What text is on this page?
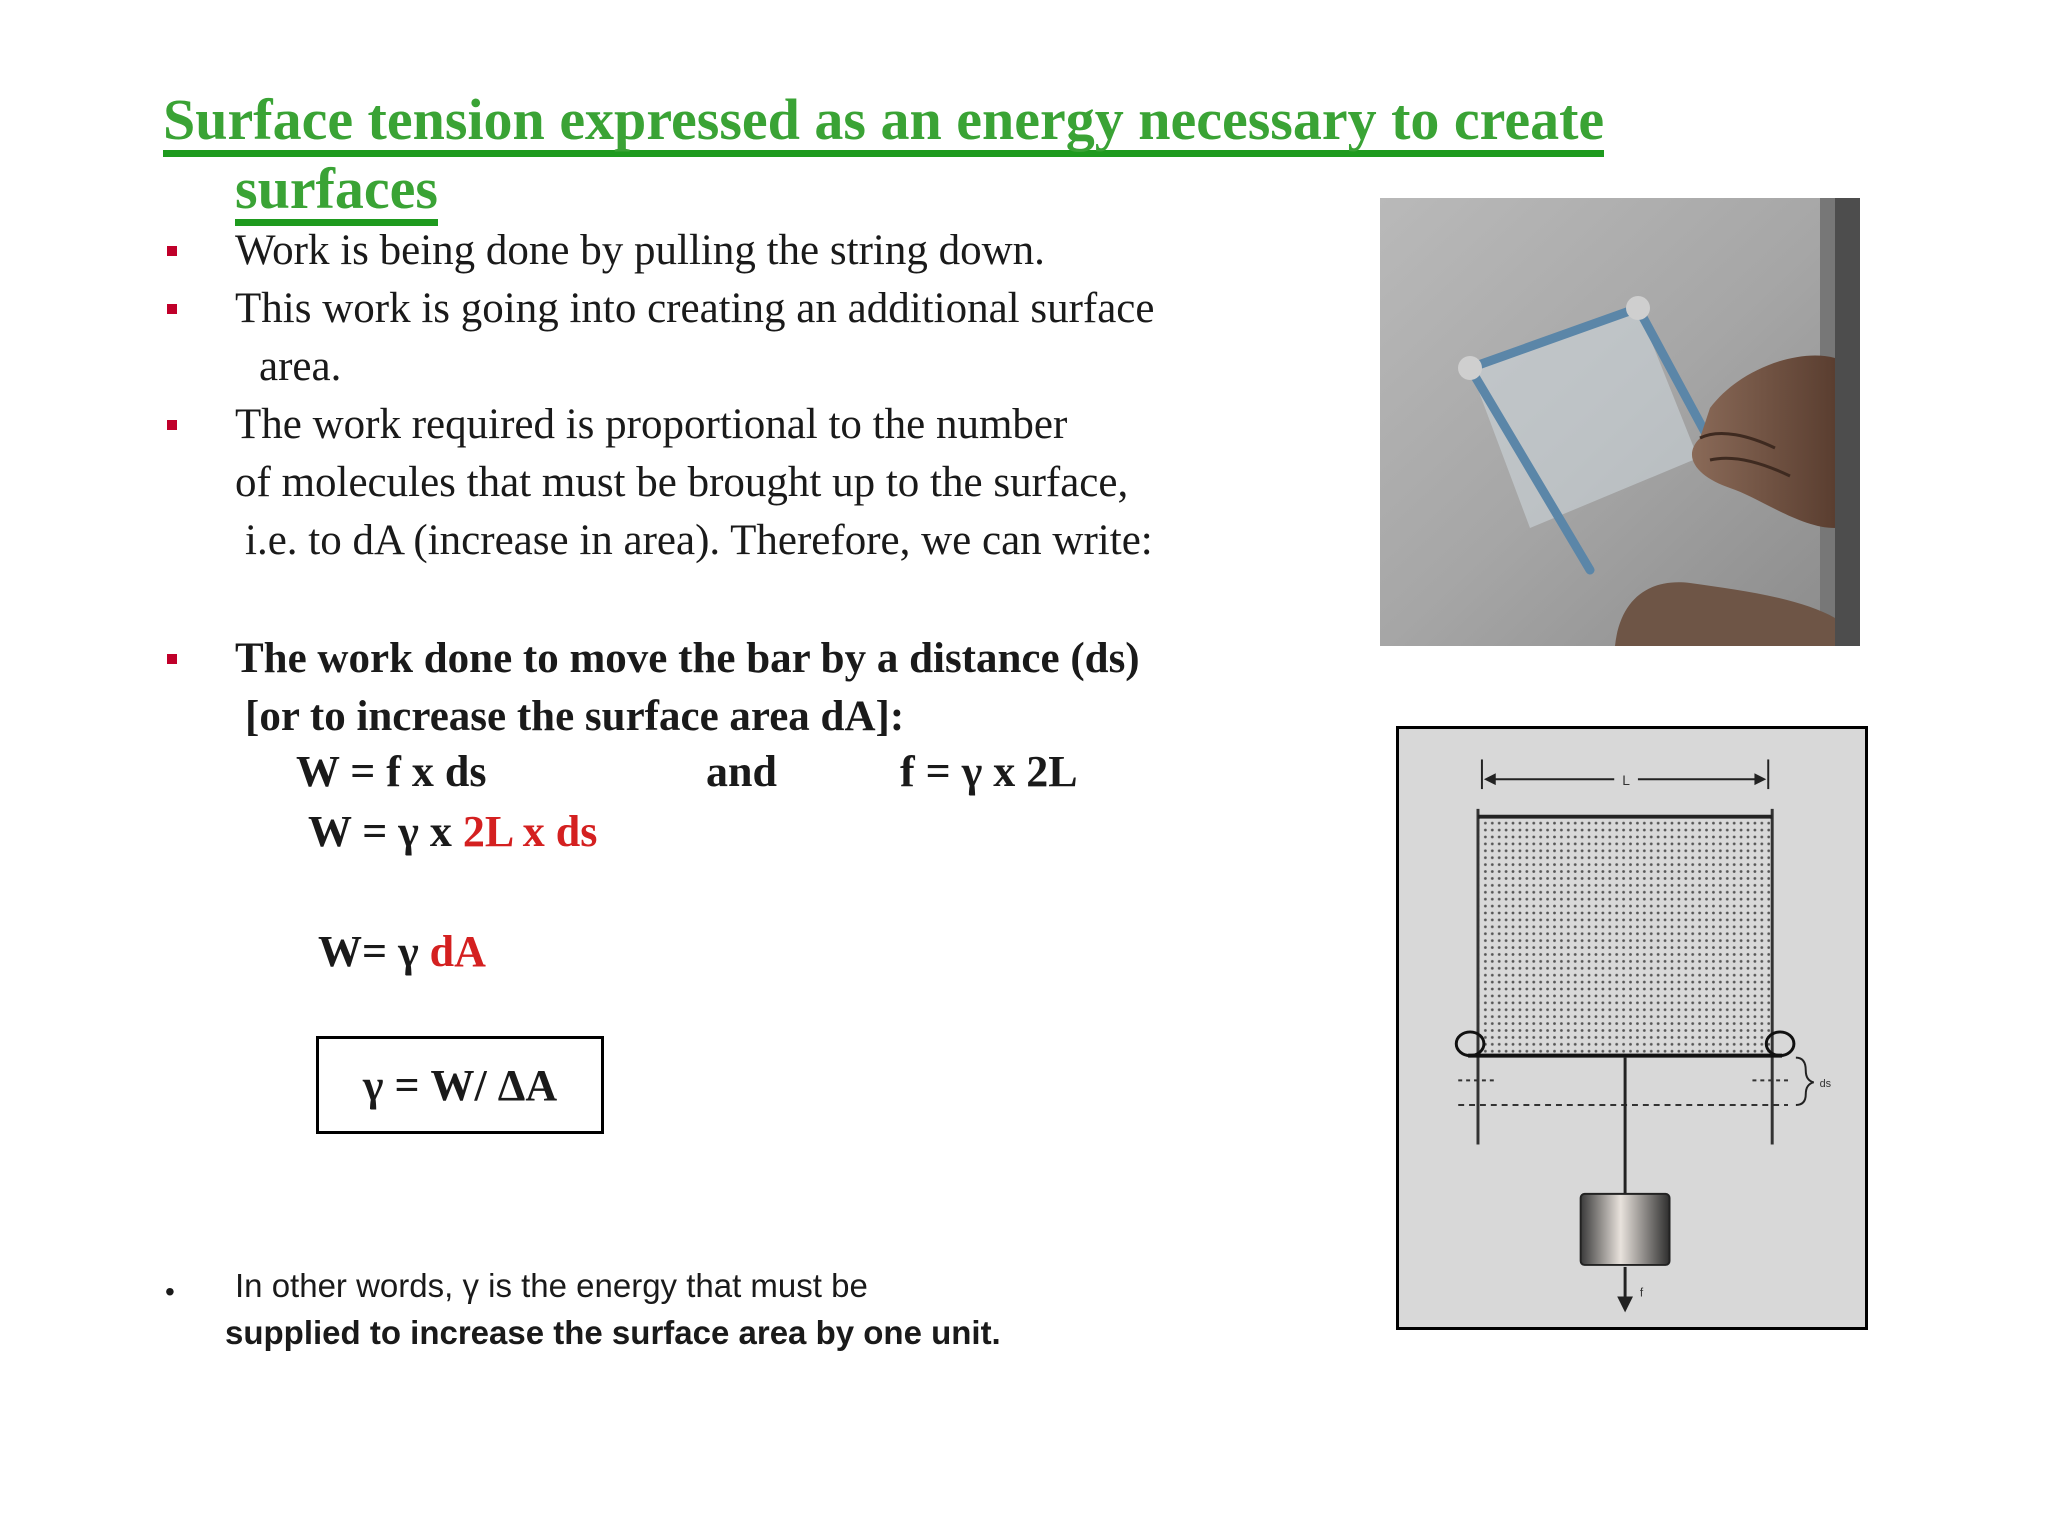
Surface tension expressed as an energy necessary to create
surfaces
Work is being done by pulling the string down.
This work is going into creating an additional surface
area.
The work required is proportional to the number
of molecules that must be brought up to the surface,
i.e. to dA (increase in area). Therefore, we can write:
The work done to move the bar by a distance (ds)
[or to increase the surface area dA]:
W = f x ds	and	f = γ x 2L
W = γ x 2L x ds
W= γ dA
γ = W/ ΔA
•	In other words, γ is the energy that must be
supplied to increase the surface area by one unit.
L
ds
f
